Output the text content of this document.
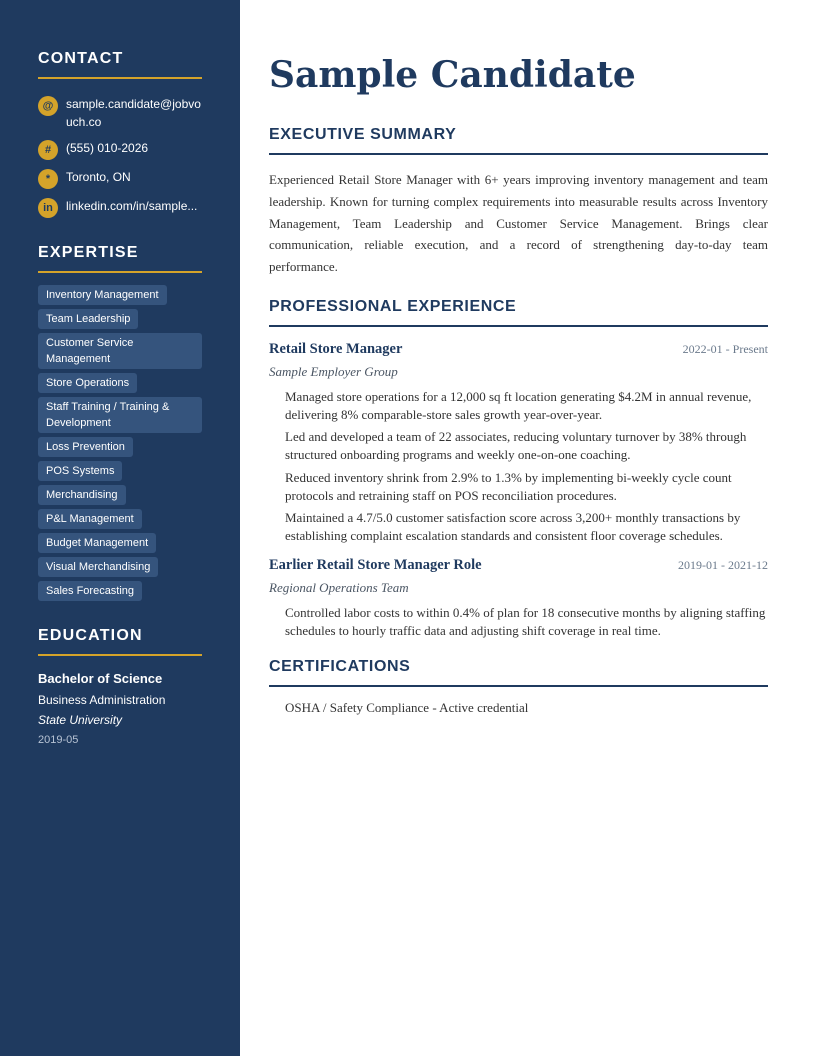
CONTACT
@	sample.candidate@jobvouch.co
#	(555) 010-2026
*	Toronto, ON
in	linkedin.com/in/sample...
EXPERTISE
Inventory Management
Team Leadership
Customer Service Management
Store Operations
Staff Training / Training & Development
Loss Prevention
POS Systems
Merchandising
P&L Management
Budget Management
Visual Merchandising
Sales Forecasting
EDUCATION
Bachelor of Science
Business Administration
State University
2019-05
Sample Candidate
EXECUTIVE SUMMARY

Experienced Retail Store Manager with 6+ years improving inventory management and team leadership. Known for turning complex requirements into measurable results across Inventory Management, Team Leadership and Customer Service Management. Brings clear communication, reliable execution, and a record of strengthening day-to-day team performance.

PROFESSIONAL EXPERIENCE
Retail Store Manager	2022-01 - Present
Sample Employer Group
Managed store operations for a 12,000 sq ft location generating $4.2M in annual revenue, delivering 8% comparable-store sales growth year-over-year.
Led and developed a team of 22 associates, reducing voluntary turnover by 38% through structured onboarding programs and weekly one-on-one coaching.
Reduced inventory shrink from 2.9% to 1.3% by implementing bi-weekly cycle count protocols and retraining staff on POS reconciliation procedures.
Maintained a 4.7/5.0 customer satisfaction score across 3,200+ monthly transactions by establishing complaint escalation standards and consistent floor coverage schedules.
Earlier Retail Store Manager Role	2019-01 - 2021-12
Regional Operations Team
Controlled labor costs to within 0.4% of plan for 18 consecutive months by aligning staffing schedules to hourly traffic data and adjusting shift coverage in real time.
CERTIFICATIONS
OSHA / Safety Compliance - Active credential
